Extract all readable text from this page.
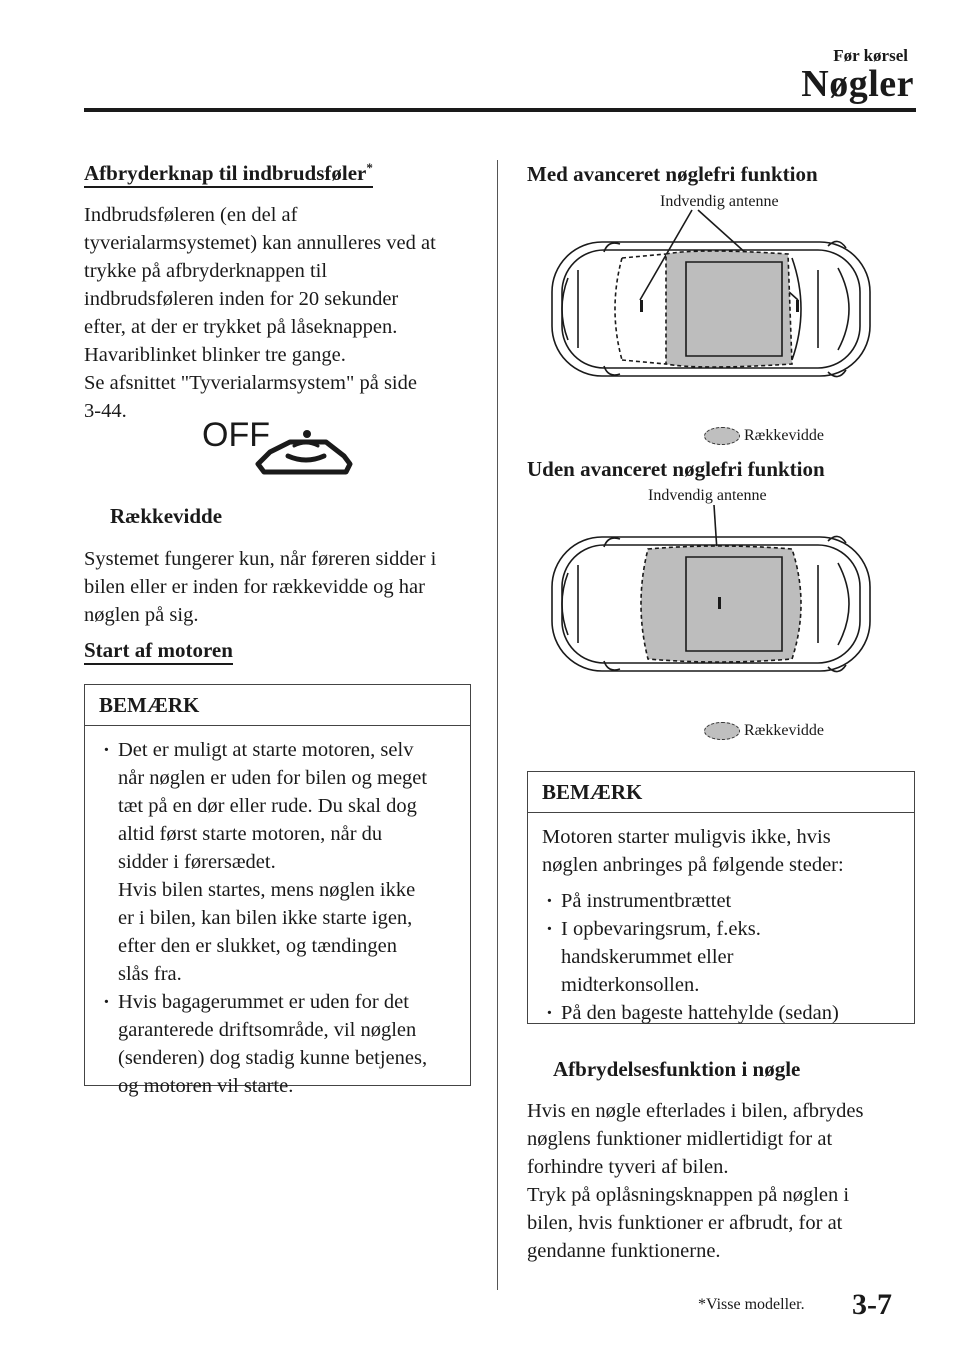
Før kørsel
Nøgler
Afbryderknap til indbrudsføler*
Indbrudsføleren (en del af
tyverialarmsystemet) kan annulleres ved at
trykke på afbryderknappen til
indbrudsføleren inden for 20 sekunder
efter, at der er trykket på låseknappen.
Havariblinket blinker tre gange.
Se afsnittet "Tyverialarmsystem" på side
3-44.
OFF
Rækkevidde
Systemet fungerer kun, når føreren sidder i
bilen eller er inden for rækkevidde og har
nøglen på sig.
Start af motoren
BEMÆRK
· Det er muligt at starte motoren, selv
når nøglen er uden for bilen og meget
tæt på en dør eller rude. Du skal dog
altid først starte motoren, når du
sidder i førersædet.
Hvis bilen startes, mens nøglen ikke
er i bilen, kan bilen ikke starte igen,
efter den er slukket, og tændingen
slås fra.
· Hvis bagagerummet er uden for det
garanterede driftsområde, vil nøglen
(senderen) dog stadig kunne betjenes,
og motoren vil starte.
Med avanceret nøglefri funktion
Indvendig antenne
Rækkevidde
Uden avanceret nøglefri funktion
Indvendig antenne
Rækkevidde
BEMÆRK
Motoren starter muligvis ikke, hvis
nøglen anbringes på følgende steder:
· På instrumentbrættet
· I opbevaringsrum, f.eks.
handskerummet eller
midterkonsollen.
· På den bageste hattehylde (sedan)
Afbrydelsesfunktion i nøgle
Hvis en nøgle efterlades i bilen, afbrydes
nøglens funktioner midlertidigt for at
forhindre tyveri af bilen.
Tryk på oplåsningsknappen på nøglen i
bilen, hvis funktioner er afbrudt, for at
gendanne funktionerne.
*Visse modeller. 3-7
